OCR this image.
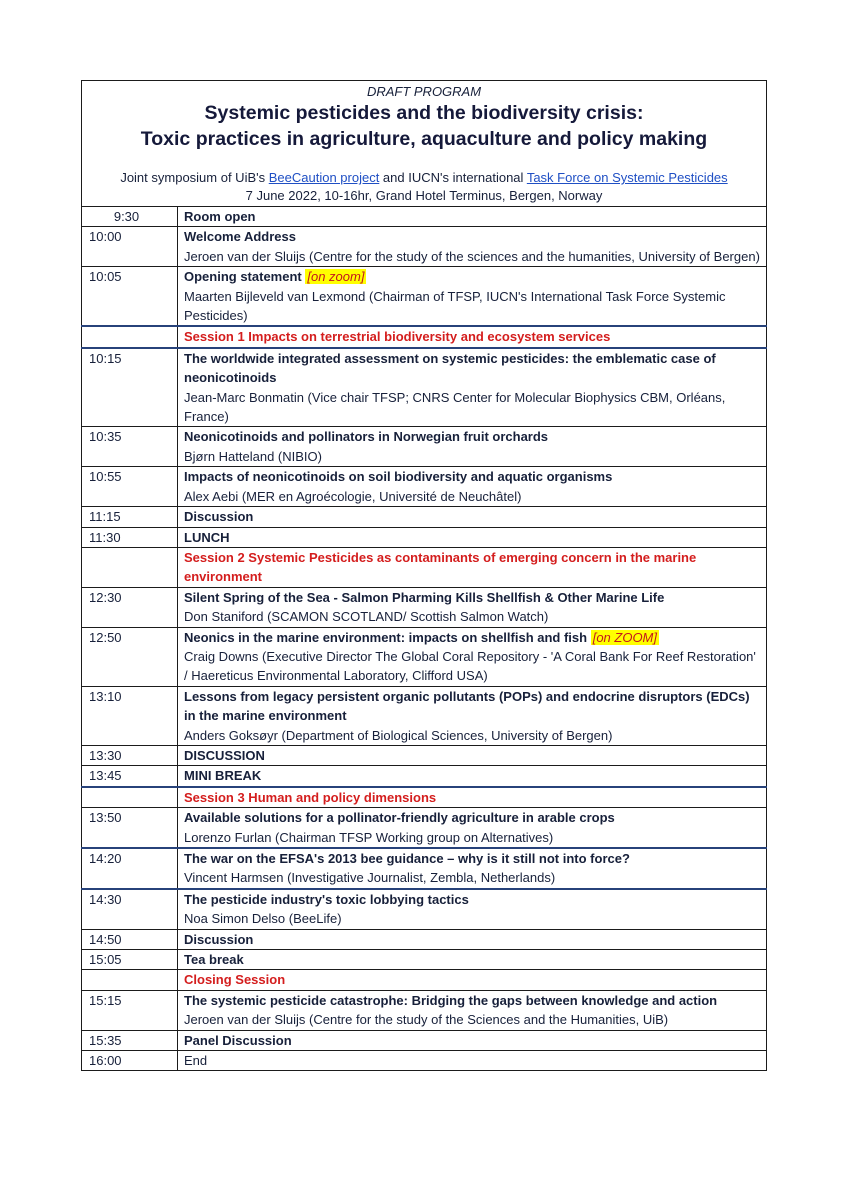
DRAFT PROGRAM
Systemic pesticides and the biodiversity crisis:
Toxic practices in agriculture, aquaculture and policy making
Joint symposium of UiB's BeeCaution project and IUCN's international Task Force on Systemic Pesticides
7 June 2022, 10-16hr, Grand Hotel Terminus, Bergen, Norway
9:30	Room open
10:00	Welcome Address
Jeroen van der Sluijs (Centre for the study of the sciences and the humanities, University of Bergen)

10:05	Opening statement [on zoom]
Maarten Bijleveld van Lexmond (Chairman of TFSP, IUCN's International Task Force Systemic Pesticides)

	Session 1 Impacts on terrestrial biodiversity and ecosystem services
10:15	The worldwide integrated assessment on systemic pesticides: the emblematic case of neonicotinoids
Jean-Marc Bonmatin (Vice chair TFSP; CNRS Center for Molecular Biophysics CBM, Orléans, France)

10:35	Neonicotinoids and pollinators in Norwegian fruit orchards
Bjørn Hatteland (NIBIO)

10:55	Impacts of neonicotinoids on soil biodiversity and aquatic organisms
Alex Aebi (MER en Agroécologie, Université de Neuchâtel)

11:15	Discussion
11:30	LUNCH
	Session 2 Systemic Pesticides as contaminants of emerging concern in the marine environment
12:30	Silent Spring of the Sea - Salmon Pharming Kills Shellfish & Other Marine Life
Don Staniford (SCAMON SCOTLAND/ Scottish Salmon Watch)

12:50	Neonics in the marine environment: impacts on shellfish and fish [on ZOOM]
Craig Downs (Executive Director The Global Coral Repository - 'A Coral Bank For Reef Restoration' / Haereticus Environmental Laboratory, Clifford USA)

13:10	Lessons from legacy persistent organic pollutants (POPs) and endocrine disruptors (EDCs) in the marine environment
Anders Goksøyr (Department of Biological Sciences, University of Bergen)

13:30	DISCUSSION
13:45	MINI BREAK
	Session 3 Human and policy dimensions
13:50	Available solutions for a pollinator-friendly agriculture in arable crops
Lorenzo Furlan (Chairman TFSP Working group on Alternatives)

14:20	The war on the EFSA's 2013 bee guidance – why is it still not into force?
Vincent Harmsen (Investigative Journalist, Zembla, Netherlands)

14:30	The pesticide industry's toxic lobbying tactics
Noa Simon Delso (BeeLife)

14:50	Discussion
15:05	Tea break
	Closing Session
15:15	The systemic pesticide catastrophe: Bridging the gaps between knowledge and action
Jeroen van der Sluijs (Centre for the study of the Sciences and the Humanities, UiB)

15:35	Panel Discussion
16:00	End
